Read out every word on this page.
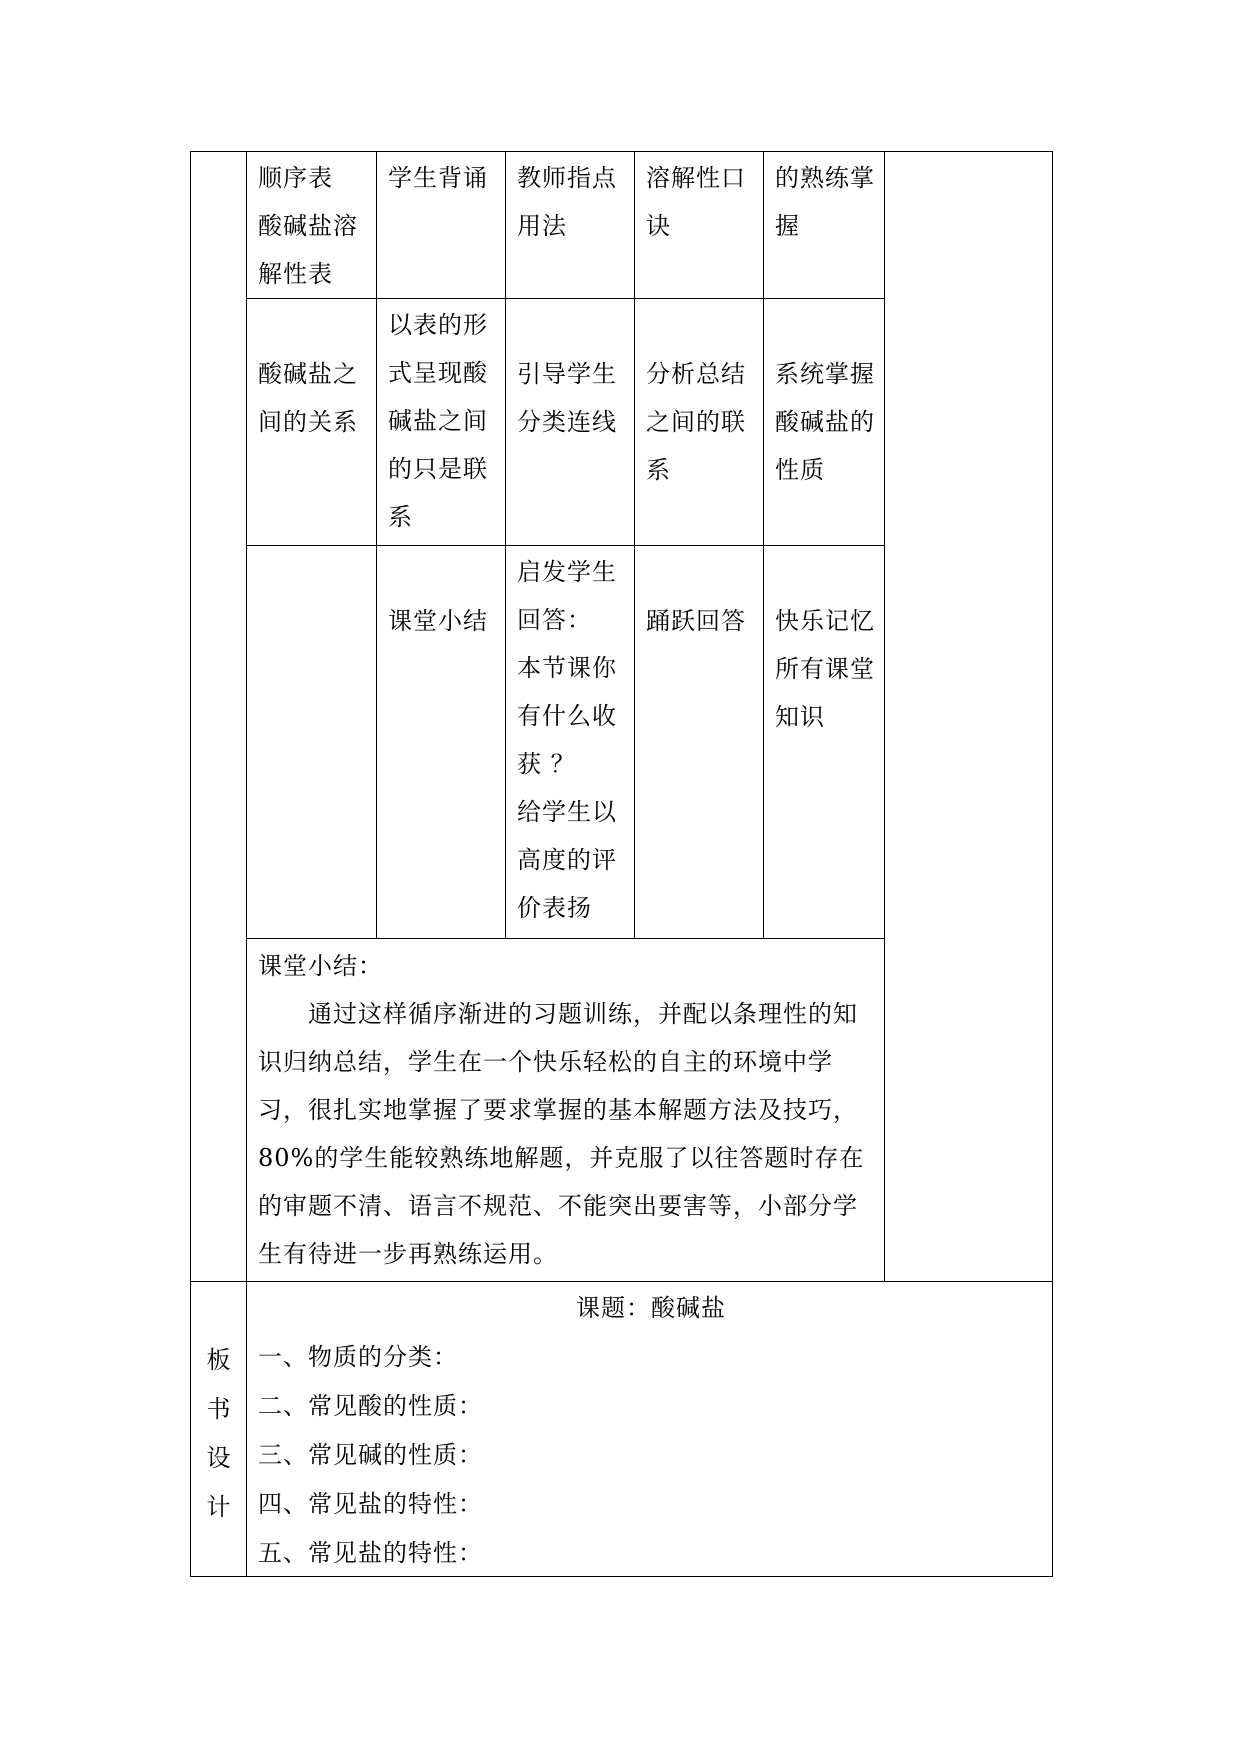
顺序表
酸碱盐溶
解性表
学生背诵	教师指点
用法
溶解性口
诀
的熟练掌
握
酸碱盐之
间的关系
以表的形
式呈现酸
碱盐之间
的只是联
系
引导学生
分类连线
分析总结
之间的联
系
系统掌握
酸碱盐的
性质
课堂小结
启发学生
回答：
本节课你
有什么收
获 ？
给学生以
高度的评
价表扬
踊跃回答	快乐记忆
所有课堂
知识

课堂小结：

通过这样循序渐进的习题训练，并配以条理性的知识归纳总结，学生在一个快乐轻松的自主的环境中学习，很扎实地掌握了要求掌握的基本解题方法及技巧，80%的学生能较熟练地解题，并克服了以往答题时存在的审题不清、语言不规范、不能突出要害等，小部分学生有待进一步再熟练运用。

板
书
设
计
课题：酸碱盐
一、物质的分类：
二、常见酸的性质：
三、常见碱的性质：
四、常见盐的特性：
五、常见盐的特性：
